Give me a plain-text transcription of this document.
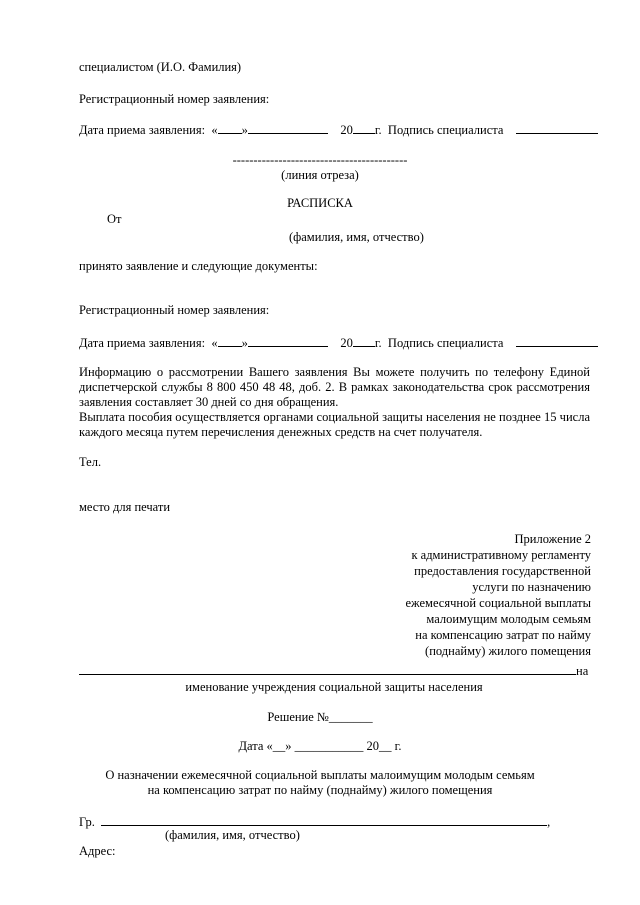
специалистом (И.О. Фамилия)
Регистрационный номер заявления:
Дата приема заявления: « »	20 г. Подпись специалиста
------------------------------------------
(линия отреза)
РАСПИСКА
От
(фамилия, имя, отчество)
принято заявление и следующие документы:
Регистрационный номер заявления:
Дата приема заявления: « »	20 г. Подпись специалиста
Информацию о рассмотрении Вашего заявления Вы можете получить по телефону Единой диспетчерской службы 8 800 450 48 48, доб. 2. В рамках законодательства срок рассмотрения заявления составляет 30 дней со дня обращения.
Выплата пособия осуществляется органами социальной защиты населения не позднее 15 числа каждого месяца путем перечисления денежных средств на счет получателя.
Тел.
место для печати
Приложение 2
к административному регламенту
предоставления государственной
услуги по назначению
ежемесячной социальной выплаты
малоимущим молодым семьям
на компенсацию затрат по найму
(поднайму) жилого помещения
на
именование учреждения социальной защиты населения
Решение №_______
Дата «__» ___________ 20__ г.
О назначении ежемесячной социальной выплаты малоимущим молодым семьям
на компенсацию затрат по найму (поднайму) жилого помещения
Гр.	,
(фамилия, имя, отчество)
Адрес:
